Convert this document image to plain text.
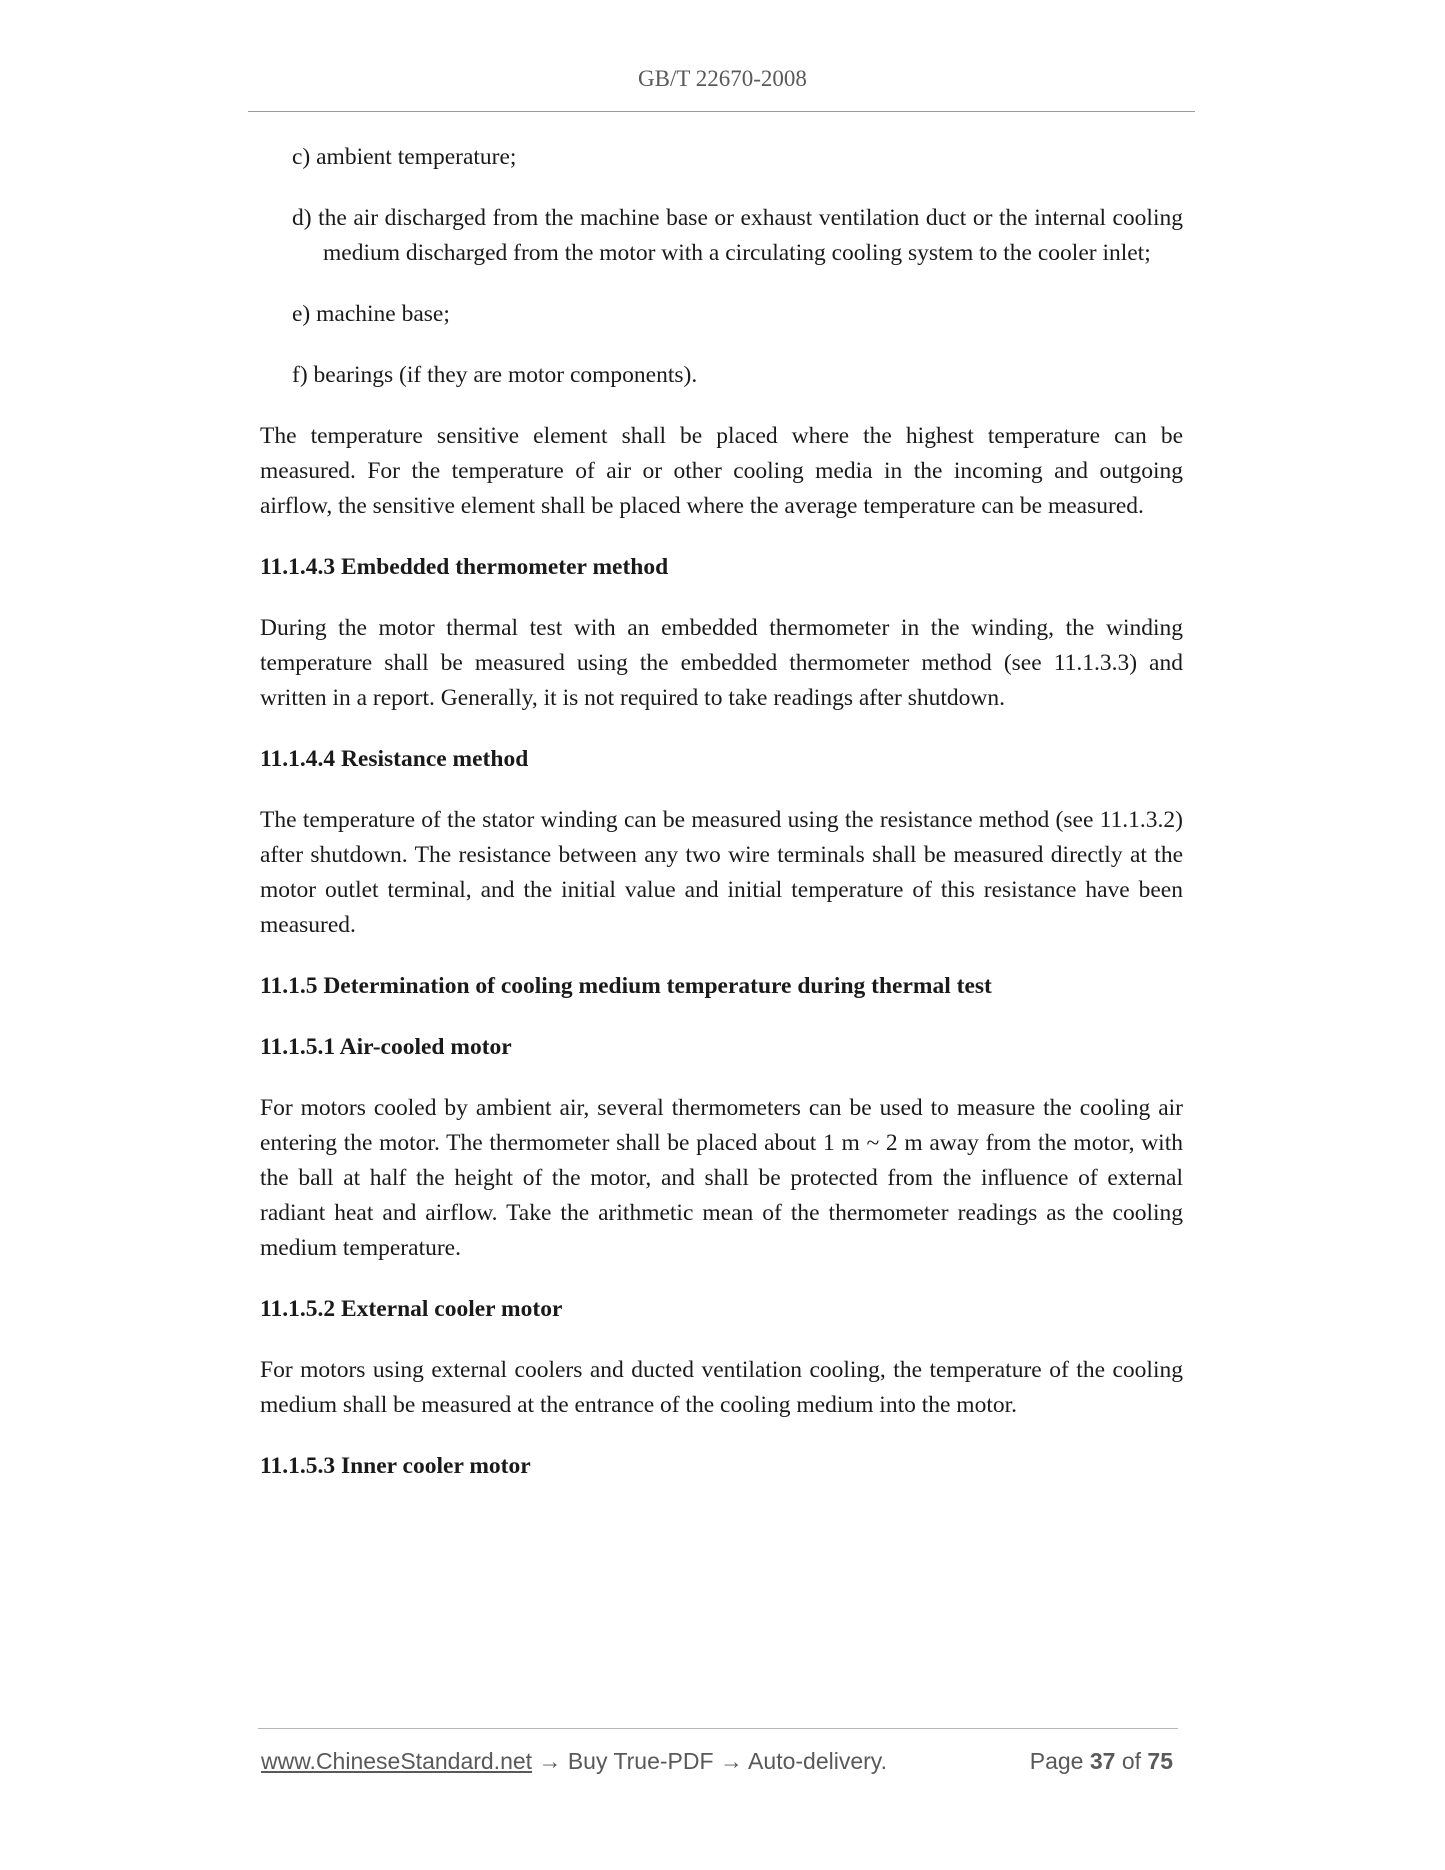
GB/T 22670-2008

c) ambient temperature;

d) the air discharged from the machine base or exhaust ventilation duct or the internal cooling medium discharged from the motor with a circulating cooling system to the cooler inlet;

e) machine base;

f) bearings (if they are motor components).

The temperature sensitive element shall be placed where the highest temperature can be measured. For the temperature of air or other cooling media in the incoming and outgoing airflow, the sensitive element shall be placed where the average temperature can be measured.

11.1.4.3 Embedded thermometer method

During the motor thermal test with an embedded thermometer in the winding, the winding temperature shall be measured using the embedded thermometer method (see 11.1.3.3) and written in a report. Generally, it is not required to take readings after shutdown.

11.1.4.4 Resistance method

The temperature of the stator winding can be measured using the resistance method (see 11.1.3.2) after shutdown. The resistance between any two wire terminals shall be measured directly at the motor outlet terminal, and the initial value and initial temperature of this resistance have been measured.

11.1.5 Determination of cooling medium temperature during thermal test

11.1.5.1 Air-cooled motor

For motors cooled by ambient air, several thermometers can be used to measure the cooling air entering the motor. The thermometer shall be placed about 1 m ~ 2 m away from the motor, with the ball at half the height of the motor, and shall be protected from the influence of external radiant heat and airflow. Take the arithmetic mean of the thermometer readings as the cooling medium temperature.

11.1.5.2 External cooler motor

For motors using external coolers and ducted ventilation cooling, the temperature of the cooling medium shall be measured at the entrance of the cooling medium into the motor.

11.1.5.3 Inner cooler motor

www.ChineseStandard.net → Buy True-PDF → Auto-delivery.	Page 37 of 75
